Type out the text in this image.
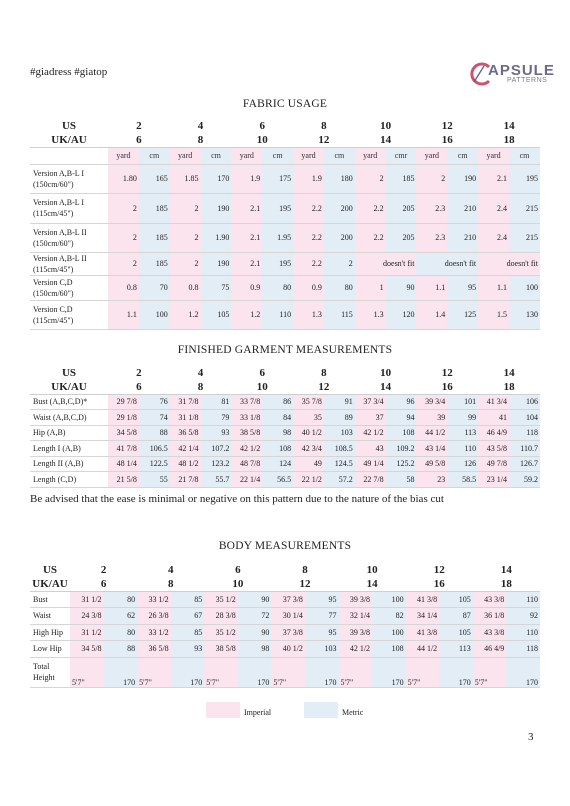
#giadress #giatop	APSULE
PATTERNS
FABRIC USAGE
US	2		4		6		8		10		12		14	
UK/AU	6		8		10		12		14		16		18	
	yard	cm	yard	cm	yard	cm	yard	cm	yard	cmr	yard	cm	yard	cm

Version A,B-L I
(150cm/60")	1.80	165	1.85	170	1.9	175	1.9	180	2	185	2	190	2.1	195

Version A,B-L I
(115cm/45")	2	185	2	190	2.1	195	2.2	200	2.2	205	2.3	210	2.4	215

Version A,B-L II
(150cm/60")	2	185	2	1.90	2.1	1.95	2.2	200	2.2	205	2.3	210	2.4	215

Version A,B-L II
(115cm/45")	2	185	2	190	2.1	195	2.2	2	doesn't fit		doesn't fit		doesn't fit	

Version C,D
(150cm/60")	0.8	70	0.8	75	0.9	80	0.9	80	1	90	1.1	95	1.1	100

Version C,D
(115cm/45")	1.1	100	1.2	105	1.2	110	1.3	115	1.3	120	1.4	125	1.5	130
FINISHED GARMENT MEASUREMENTS
US	2		4		6		8		10		12		14	
UK/AU	6		8		10		12		14		16		18	
Bust (A,B,C,D)*	29 7/8	76	31 7/8	81	33 7/8	86	35 7/8	91	37 3/4	96	39 3/4	101	41 3/4	106
Waist (A,B,C,D)	29 1/8	74	31 1/8	79	33 1/8	84	35	89	37	94	39	99	41	104
Hip (A,B)	34 5/8	88	36 5/8	93	38 5/8	98	40 1/2	103	42 1/2	108	44 1/2	113	46 4/9	118
Length I (A,B)	41 7/8	106.5	42 1/4	107.2	42 1/2	108	42 3/4	108.5	43	109.2	43 1/4	110	43 5/8	110.7
Length II (A,B)	48 1/4	122.5	48 1/2	123.2	48 7/8	124	49	124.5	49 1/4	125.2	49 5/8	126	49 7/8	126.7
Length (C,D)	21 5/8	55	21 7/8	55.7	22 1/4	56.5	22 1/2	57.2	22 7/8	58	23	58.5	23 1/4	59.2
Be advised that the ease is minimal or negative on this pattern due to the nature of the bias cut
BODY MEASUREMENTS
US	2		4		6		8		10		12		14	
UK/AU	6		8		10		12		14		16		18	
Bust	31 1/2	80	33 1/2	85	35 1/2	90	37 3/8	95	39 3/8	100	41 3/8	105	43 3/8	110
Waist	24 3/8	62	26 3/8	67	28 3/8	72	30 1/4	77	32 1/4	82	34 1/4	87	36 1/8	92
High Hip	31 1/2	80	33 1/2	85	35 1/2	90	37 3/8	95	39 3/8	100	41 3/8	105	43 3/8	110
Low Hip	34 5/8	88	36 5/8	93	38 5/8	98	40 1/2	103	42 1/2	108	44 1/2	113	46 4/9	118

Total
Height	5'7"	170	5'7"	170	5'7"	170	5'7"	170	5'7"	170	5'7"	170	5'7"	170
Imperial	Metric
3
